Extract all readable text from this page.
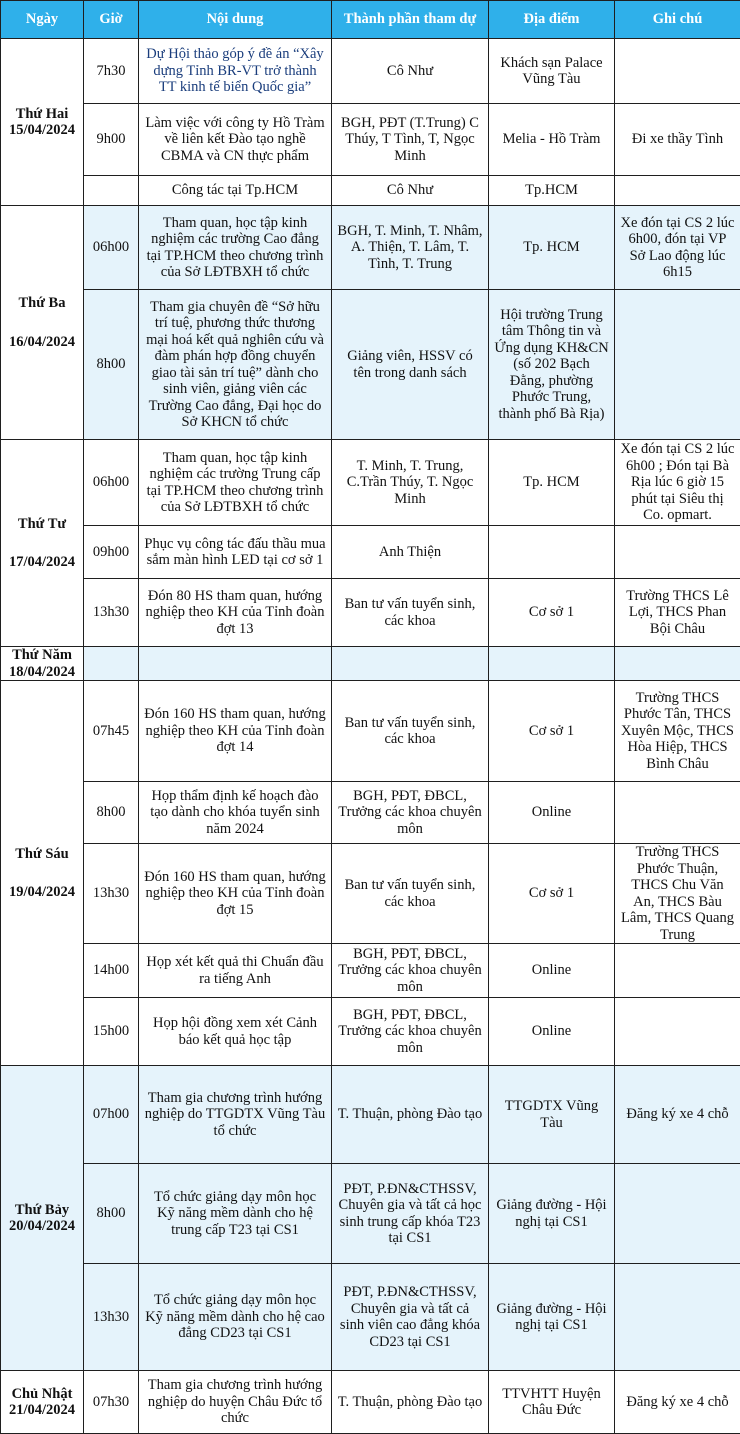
Ngày	Giờ	Nội dung	Thành phần tham dự	Địa điểm	Ghi chú

Thứ Hai
15/04/2024	7h30	Dự Hội thảo góp ý đề án “Xây dựng Tỉnh BR-VT trở thành TT kinh tế biển Quốc gia”	Cô Như	Khách sạn Palace Vũng Tàu	
	9h00	Làm việc với công ty Hồ Tràm về liên kết Đào tạo nghề CBMA và CN thực phẩm	BGH, PĐT (T.Trung) C Thúy, T Tình, T, Ngọc Minh	Melia - Hồ Tràm	Đi xe thầy Tình
		Công tác tại Tp.HCM	Cô Như	Tp.HCM	

Thứ Ba
16/04/2024	06h00	Tham quan, học tập kinh nghiệm các trường Cao đẳng tại TP.HCM theo chương trình của Sở LĐTBXH tổ chức	BGH, T. Minh, T. Nhâm, A. Thiện, T. Lâm, T. Tình, T. Trung	Tp. HCM	Xe đón tại CS 2 lúc 6h00, đón tại VP Sở Lao động lúc 6h15
	8h00	Tham gia chuyên đề “Sở hữu trí tuệ, phương thức thương mại hoá kết quả nghiên cứu và đàm phán hợp đồng chuyển giao tài sản trí tuệ” dành cho sinh viên, giảng viên các Trường Cao đẳng, Đại học do Sở KHCN tổ chức	Giảng viên, HSSV có tên trong danh sách	Hội trường Trung tâm Thông tin và Ứng dụng KH&CN (số 202 Bạch Đằng, phường Phước Trung, thành phố Bà Rịa)	

Thứ Tư
17/04/2024	06h00	Tham quan, học tập kinh nghiệm các trường Trung cấp tại TP.HCM theo chương trình của Sở LĐTBXH tổ chức	T. Minh, T. Trung, C.Trần Thúy, T. Ngọc Minh	Tp. HCM	Xe đón tại CS 2 lúc 6h00 ; Đón tại Bà Rịa lúc 6 giờ 15 phút tại Siêu thị Co. opmart.
	09h00	Phục vụ công tác đấu thầu mua sắm màn hình LED tại cơ sở 1	Anh Thiện		
	13h30	Đón 80 HS tham quan, hướng nghiệp theo KH của Tỉnh đoàn đợt 13	Ban tư vấn tuyển sinh, các khoa	Cơ sở 1	Trường THCS Lê Lợi, THCS Phan Bội Châu

Thứ Năm
18/04/2024					

Thứ Sáu
19/04/2024	07h45	Đón 160 HS tham quan, hướng nghiệp theo KH của Tỉnh đoàn đợt 14	Ban tư vấn tuyển sinh, các khoa	Cơ sở 1	Trường THCS Phước Tân, THCS Xuyên Mộc, THCS Hòa Hiệp, THCS Bình Châu
	8h00	Họp thẩm định kế hoạch đào tạo dành cho khóa tuyển sinh năm 2024	BGH, PĐT, ĐBCL, Trưởng các khoa chuyên môn	Online	
	13h30	Đón 160 HS tham quan, hướng nghiệp theo KH của Tỉnh đoàn đợt 15	Ban tư vấn tuyển sinh, các khoa	Cơ sở 1	Trường THCS Phước Thuận, THCS Chu Văn An, THCS Bàu Lâm, THCS Quang Trung
	14h00	Họp xét kết quả thi Chuẩn đầu ra tiếng Anh	BGH, PĐT, ĐBCL, Trưởng các khoa chuyên môn	Online	
	15h00	Họp hội đồng xem xét Cảnh báo kết quả học tập	BGH, PĐT, ĐBCL, Trưởng các khoa chuyên môn	Online	

Thứ Bảy
20/04/2024	07h00	Tham gia chương trình hướng nghiệp do TTGDTX Vũng Tàu tổ chức	T. Thuận, phòng Đào tạo	TTGDTX Vũng Tàu	Đăng ký xe 4 chỗ
	8h00	Tổ chức giảng dạy môn học Kỹ năng mềm dành cho hệ trung cấp T23 tại CS1	PĐT, P.ĐN&CTHSSV, Chuyên gia và tất cả học sinh trung cấp khóa T23 tại CS1	Giảng đường - Hội nghị tại CS1	
	13h30	Tổ chức giảng dạy môn học Kỹ năng mềm dành cho hệ cao đẳng CD23 tại CS1	PĐT, P.ĐN&CTHSSV, Chuyên gia và tất cả sinh viên cao đẳng khóa CD23 tại CS1	Giảng đường - Hội nghị tại CS1	

Chủ Nhật
21/04/2024	07h30	Tham gia chương trình hướng nghiệp do huyện Châu Đức tổ chức	T. Thuận, phòng Đào tạo	TTVHTT Huyện Châu Đức	Đăng ký xe 4 chỗ
